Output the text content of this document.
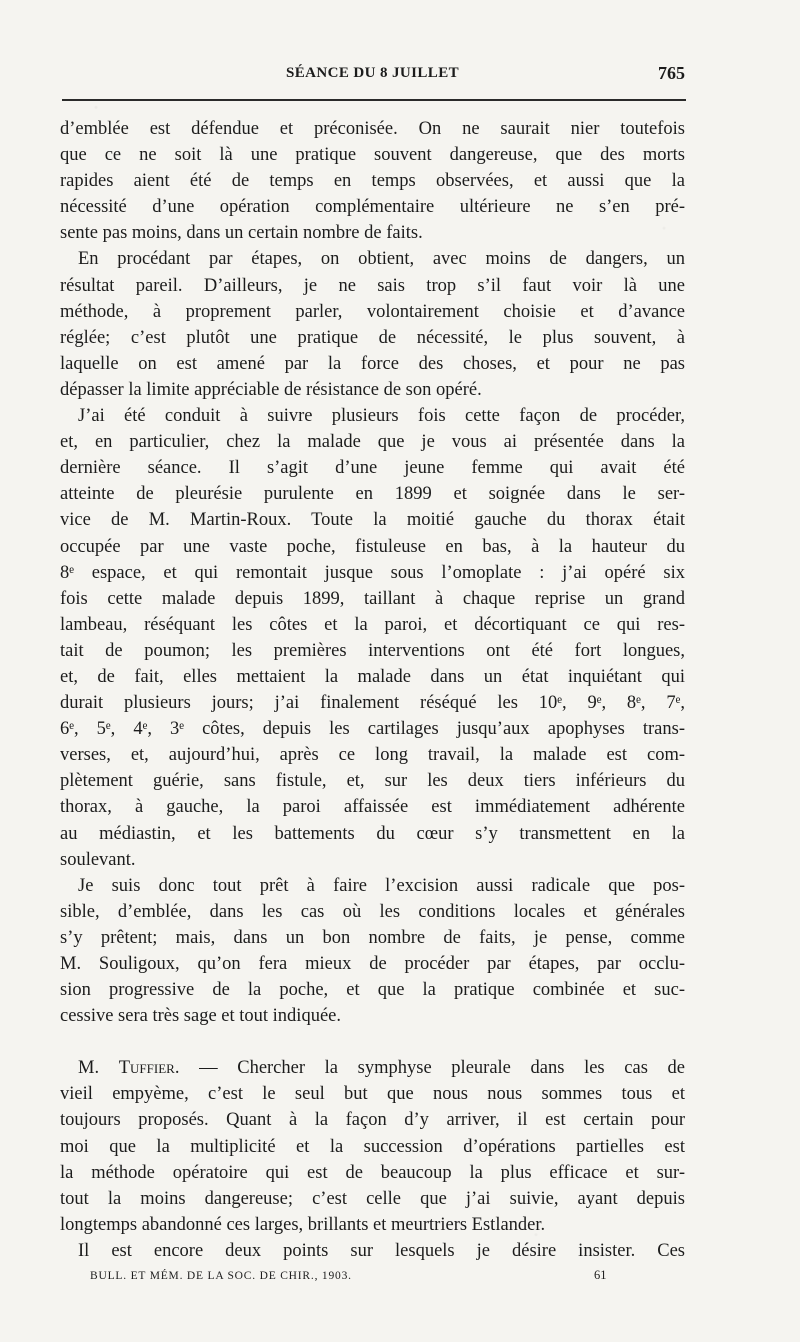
SÉANCE DU 8 JUILLET	765
d’emblée est défendue et préconisée. On ne saurait nier toutefois
que ce ne soit là une pratique souvent dangereuse, que des morts
rapides aient été de temps en temps observées, et aussi que la
nécessité d’une opération complémentaire ultérieure ne s’en pré-
sente pas moins, dans un certain nombre de faits.
En procédant par étapes, on obtient, avec moins de dangers, un
résultat pareil. D’ailleurs, je ne sais trop s’il faut voir là une
méthode, à proprement parler, volontairement choisie et d’avance
réglée; c’est plutôt une pratique de nécessité, le plus souvent, à
laquelle on est amené par la force des choses, et pour ne pas
dépasser la limite appréciable de résistance de son opéré.
J’ai été conduit à suivre plusieurs fois cette façon de procéder,
et, en particulier, chez la malade que je vous ai présentée dans la
dernière séance. Il s’agit d’une jeune femme qui avait été
atteinte de pleurésie purulente en 1899 et soignée dans le ser-
vice de M. Martin-Roux. Toute la moitié gauche du thorax était
occupée par une vaste poche, fistuleuse en bas, à la hauteur du
8ᵉ espace, et qui remontait jusque sous l’omoplate : j’ai opéré six
fois cette malade depuis 1899, taillant à chaque reprise un grand
lambeau, réséquant les côtes et la paroi, et décortiquant ce qui res-
tait de poumon; les premières interventions ont été fort longues,
et, de fait, elles mettaient la malade dans un état inquiétant qui
durait plusieurs jours; j’ai finalement réséqué les 10ᵉ, 9ᵉ, 8ᵉ, 7ᵉ,
6ᵉ, 5ᵉ, 4ᵉ, 3ᵉ côtes, depuis les cartilages jusqu’aux apophyses trans-
verses, et, aujourd’hui, après ce long travail, la malade est com-
plètement guérie, sans fistule, et, sur les deux tiers inférieurs du
thorax, à gauche, la paroi affaissée est immédiatement adhérente
au médiastin, et les battements du cœur s’y transmettent en la
soulevant.
Je suis donc tout prêt à faire l’excision aussi radicale que pos-
sible, d’emblée, dans les cas où les conditions locales et générales
s’y prêtent; mais, dans un bon nombre de faits, je pense, comme
M. Souligoux, qu’on fera mieux de procéder par étapes, par occlu-
sion progressive de la poche, et que la pratique combinée et suc-
cessive sera très sage et tout indiquée.
M. Tuffier. — Chercher la symphyse pleurale dans les cas de
vieil empyème, c’est le seul but que nous nous sommes tous et
toujours proposés. Quant à la façon d’y arriver, il est certain pour
moi que la multiplicité et la succession d’opérations partielles est
la méthode opératoire qui est de beaucoup la plus efficace et sur-
tout la moins dangereuse; c’est celle que j’ai suivie, ayant depuis
longtemps abandonné ces larges, brillants et meurtriers Estlander.
Il est encore deux points sur lesquels je désire insister. Ces
BULL. ET MÉM. DE LA SOC. DE CHIR., 1903.	61
